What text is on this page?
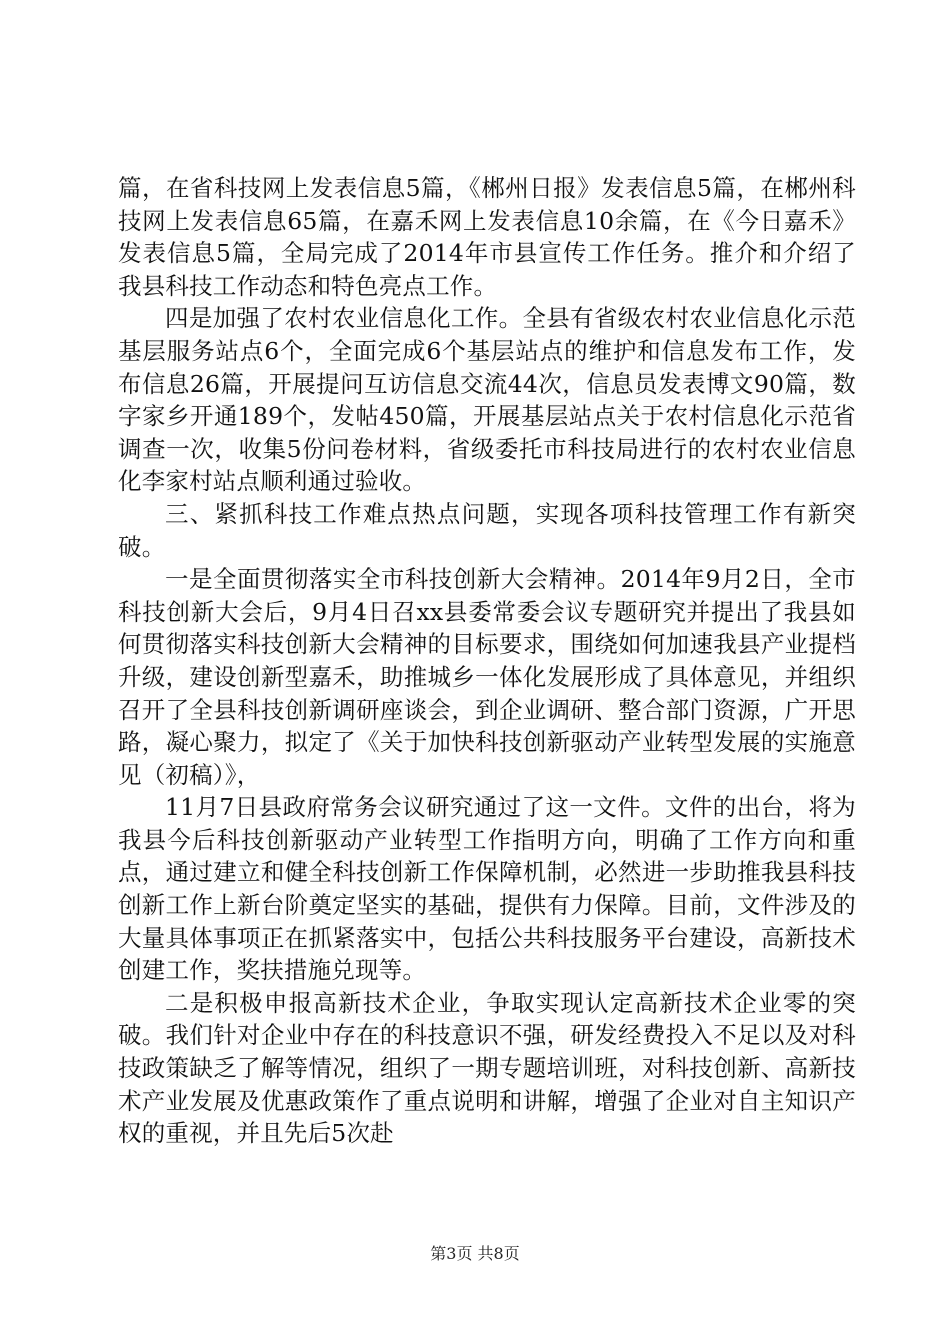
篇，在省科技网上发表信息5篇，《郴州日报》发表信息5篇，在郴州科技网上发表信息65篇，在嘉禾网上发表信息10余篇，在《今日嘉禾》发表信息5篇，全局完成了2014年市县宣传工作任务。推介和介绍了我县科技工作动态和特色亮点工作。

四是加强了农村农业信息化工作。全县有省级农村农业信息化示范基层服务站点6个，全面完成6个基层站点的维护和信息发布工作，发布信息26篇，开展提问互访信息交流44次，信息员发表博文90篇，数字家乡开通189个，发帖450篇，开展基层站点关于农村信息化示范省调查一次，收集5份问卷材料，省级委托市科技局进行的农村农业信息化李家村站点顺利通过验收。

三、紧抓科技工作难点热点问题，实现各项科技管理工作有新突破。

一是全面贯彻落实全市科技创新大会精神。2014年9月2日，全市科技创新大会后，9月4日召xx县委常委会议专题研究并提出了我县如何贯彻落实科技创新大会精神的目标要求，围绕如何加速我县产业提档升级，建设创新型嘉禾，助推城乡一体化发展形成了具体意见，并组织召开了全县科技创新调研座谈会，到企业调研、整合部门资源，广开思路，凝心聚力，拟定了《关于加快科技创新驱动产业转型发展的实施意见（初稿）》，

11月7日县政府常务会议研究通过了这一文件。文件的出台，将为我县今后科技创新驱动产业转型工作指明方向，明确了工作方向和重点，通过建立和健全科技创新工作保障机制，必然进一步助推我县科技创新工作上新台阶奠定坚实的基础，提供有力保障。目前，文件涉及的大量具体事项正在抓紧落实中，包括公共科技服务平台建设，高新技术创建工作，奖扶措施兑现等。

二是积极申报高新技术企业，争取实现认定高新技术企业零的突破。我们针对企业中存在的科技意识不强，研发经费投入不足以及对科技政策缺乏了解等情况，组织了一期专题培训班，对科技创新、高新技术产业发展及优惠政策作了重点说明和讲解，增强了企业对自主知识产权的重视，并且先后5次赴

第3页 共8页
